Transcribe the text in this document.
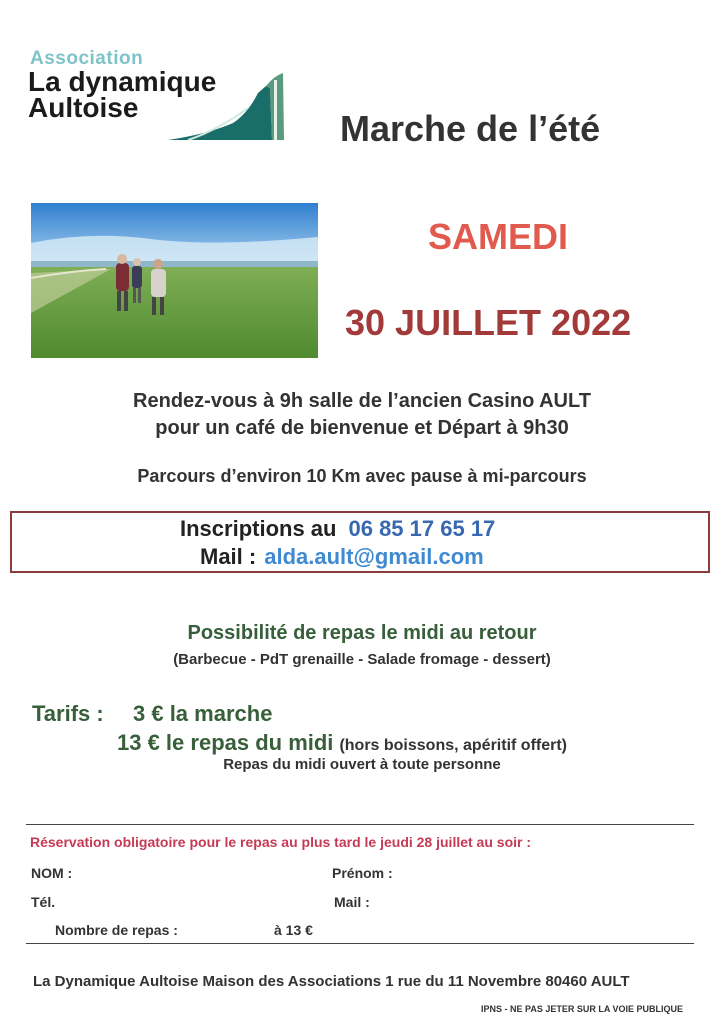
Association
La dynamique
Aultoise
Marche de l’été
SAMEDI
30 JUILLET 2022
Rendez-vous à 9h salle de l’ancien Casino AULT
pour un café de bienvenue et Départ à 9h30
Parcours d’environ 10 Km avec pause à mi-parcours
Inscriptions au 06 85 17 65 17
Mail : alda.ault@gmail.com
Possibilité de repas le midi au retour
(Barbecue - PdT grenaille - Salade fromage - dessert)
Tarifs : 3 € la marche
13 € le repas du midi (hors boissons, apéritif offert)
Repas du midi ouvert à toute personne
Réservation obligatoire pour le repas au plus tard le jeudi 28 juillet au soir :
NOM :	Prénom :
Tél.	Mail :
Nombre de repas :	à 13 €
La Dynamique Aultoise Maison des Associations 1 rue du 11 Novembre 80460 AULT
IPNS - NE PAS JETER SUR LA VOIE PUBLIQUE
